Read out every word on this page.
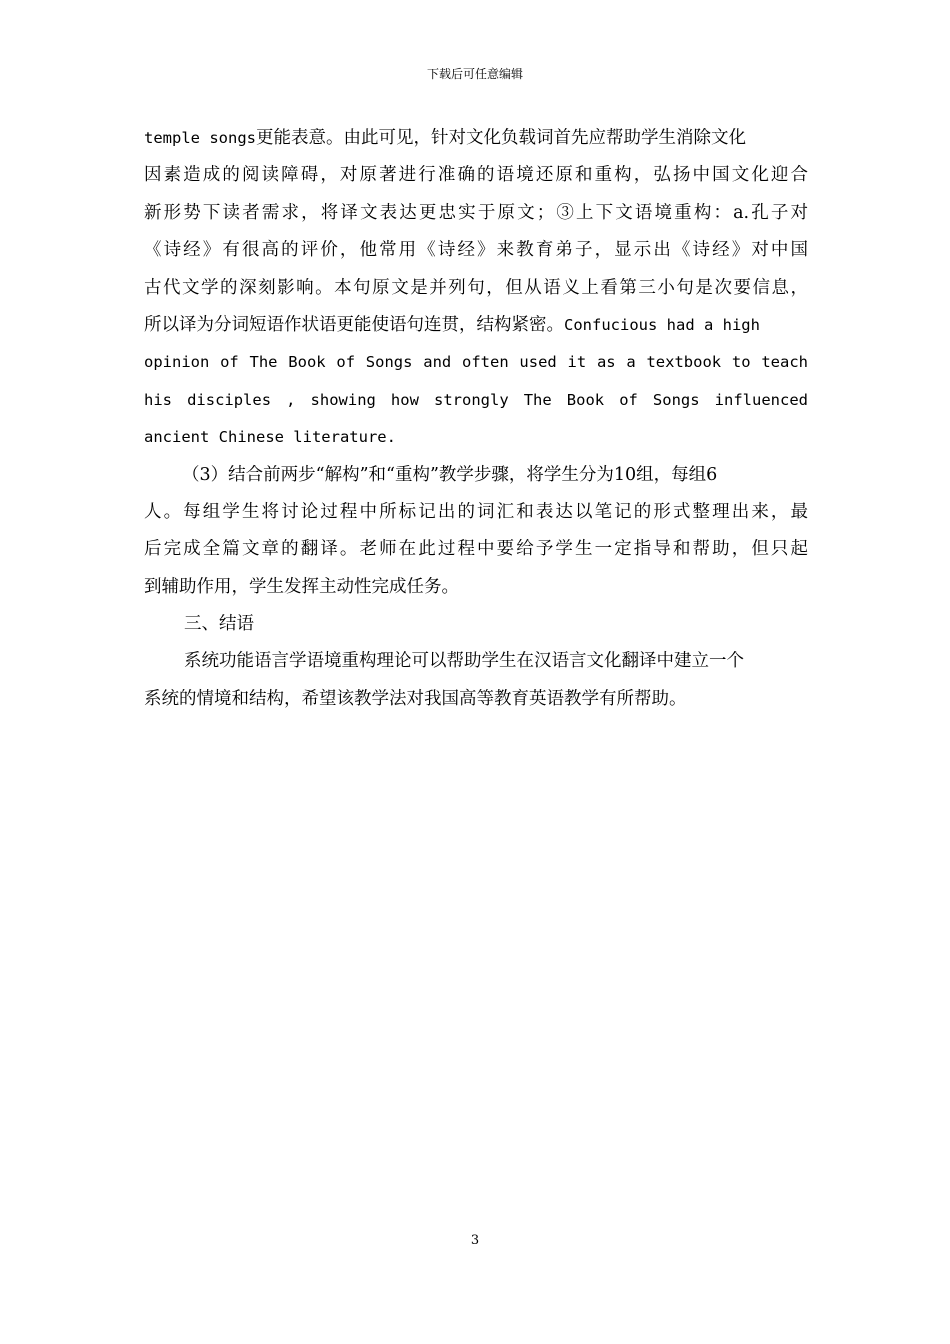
下载后可任意编辑
temple songs更能表意。由此可见，针对文化负载词首先应帮助学生消除文化
因素造成的阅读障碍，对原著进行准确的语境还原和重构，弘扬中国文化迎合
新形势下读者需求，将译文表达更忠实于原文；③上下文语境重构：a.孔子对
《诗经》有很高的评价，他常用《诗经》来教育弟子，显示出《诗经》对中国
古代文学的深刻影响。本句原文是并列句，但从语义上看第三小句是次要信息，
所以译为分词短语作状语更能使语句连贯，结构紧密。Confucious had a high
opinion of The Book of Songs and often used it as a textbook to teach
his disciples , showing how strongly The Book of Songs influenced
ancient Chinese literature.
（3）结合前两步“解构”和“重构”教学步骤，将学生分为10组，每组6
人。每组学生将讨论过程中所标记出的词汇和表达以笔记的形式整理出来，最
后完成全篇文章的翻译。老师在此过程中要给予学生一定指导和帮助，但只起
到辅助作用，学生发挥主动性完成任务。
三、结语
系统功能语言学语境重构理论可以帮助学生在汉语言文化翻译中建立一个
系统的情境和结构，希望该教学法对我国高等教育英语教学有所帮助。
3
